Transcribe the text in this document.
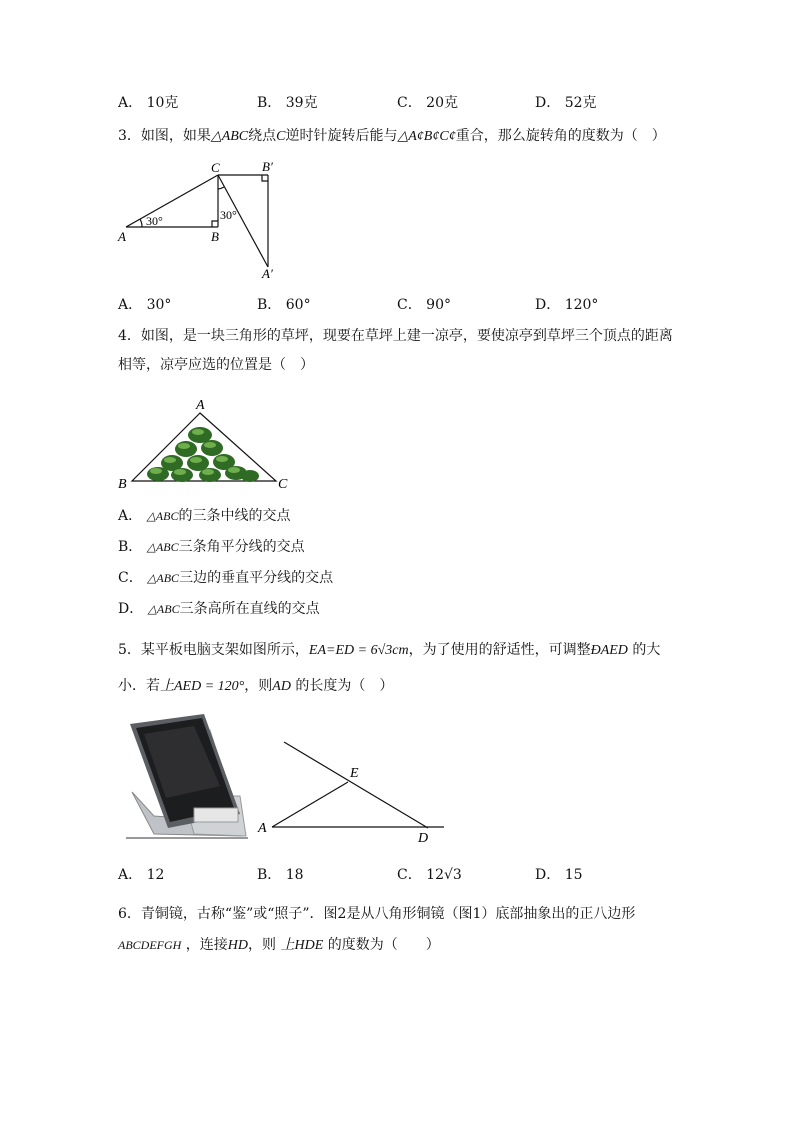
A． 10克	B． 39克	C． 20克	D． 52克
3．如图，如果△ABC绕点C逆时针旋转后能与△A¢B¢C¢重合，那么旋转角的度数为（　）
A	B
C	B′
A′
30°	30°
A． 30°	B． 60°	C． 90°	D． 120°
4．如图，是一块三角形的草坪，现要在草坪上建一凉亭，要使凉亭到草坪三个顶点的距离
相等，凉亭应选的位置是（　）
A
B	C
A． △ABC的三条中线的交点
B． △ABC三条角平分线的交点
C． △ABC三边的垂直平分线的交点
D． △ABC三条高所在直线的交点
5．某平板电脑支架如图所示，EA=ED = 6√3cm，为了使用的舒适性，可调整ÐAED 的大
小．若上AED = 120°，则AD 的长度为（　）
E
A
D
A． 12	B． 18	C． 12√3	D． 15
6．青铜镜，古称“鉴”或“照子”．图2是从八角形铜镜（图1）底部抽象出的正八边形
ABCDEFGH ，连接HD，则 上HDE 的度数为（　　）
